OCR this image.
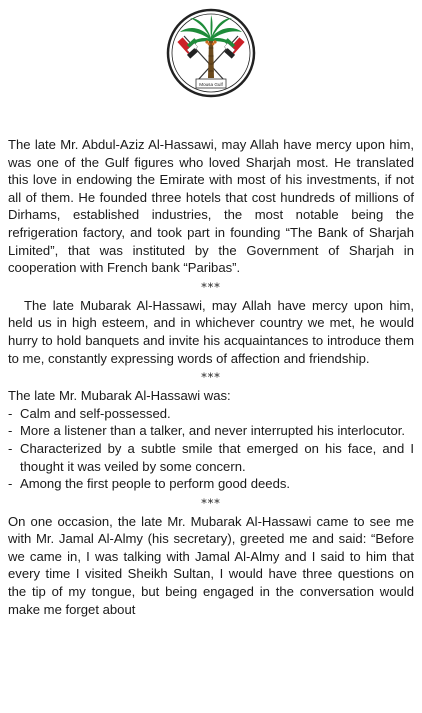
Mousa Gulf

The late Mr. Abdul-Aziz Al-Hassawi, may Allah have mercy upon him, was one of the Gulf figures who loved Sharjah most. He translated this love in endowing the Emirate with most of his investments, if not all of them. He founded three hotels that cost hundreds of millions of Dirhams, established industries, the most notable being the refrigeration factory, and took part in founding “The Bank of Sharjah Limited”, that was instituted by the Government of Sharjah in cooperation with French bank “Paribas”.

***

The late Mubarak Al-Hassawi, may Allah have mercy upon him, held us in high esteem, and in whichever country we met, he would hurry to hold banquets and invite his acquaintances to introduce them to me, constantly expressing words of affection and friendship.

***

The late Mr. Mubarak Al-Hassawi was:

- Calm and self-possessed.
- More a listener than a talker, and never interrupted his interlocutor.
- Characterized by a subtle smile that emerged on his face, and I thought it was veiled by some concern.
- Among the first people to perform good deeds.
***

On one occasion, the late Mr. Mubarak Al-Hassawi came to see me with Mr. Jamal Al-Almy (his secretary), greeted me and said: “Before we came in, I was talking with Jamal Al-Almy and I said to him that every time I visited Sheikh Sultan, I would have three questions on the tip of my tongue, but being engaged in the conversation would make me forget about
